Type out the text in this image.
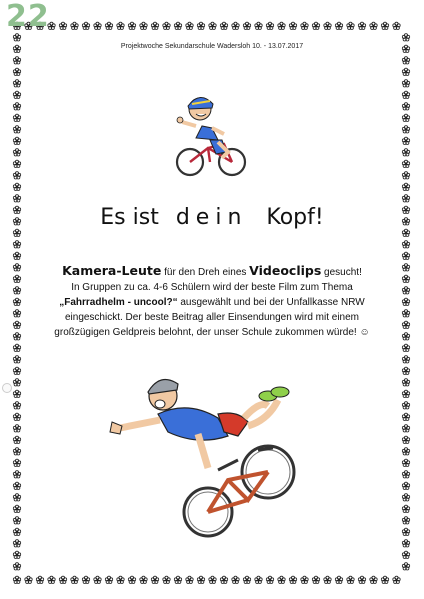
22
Projektwoche Sekundarschule Wadersloh 10. - 13.07.2017
Es ist dein Kopf!
Kamera-Leute für den Dreh eines Videoclips gesucht!
In Gruppen zu ca. 4-6 Schülern wird der beste Film zum Thema
„Fahrradhelm - uncool?“ ausgewählt und bei der Unfallkasse NRW
eingeschickt. Der beste Beitrag aller Einsendungen wird mit einem
großzügigen Geldpreis belohnt, der unser Schule zukommen würde! ☺
